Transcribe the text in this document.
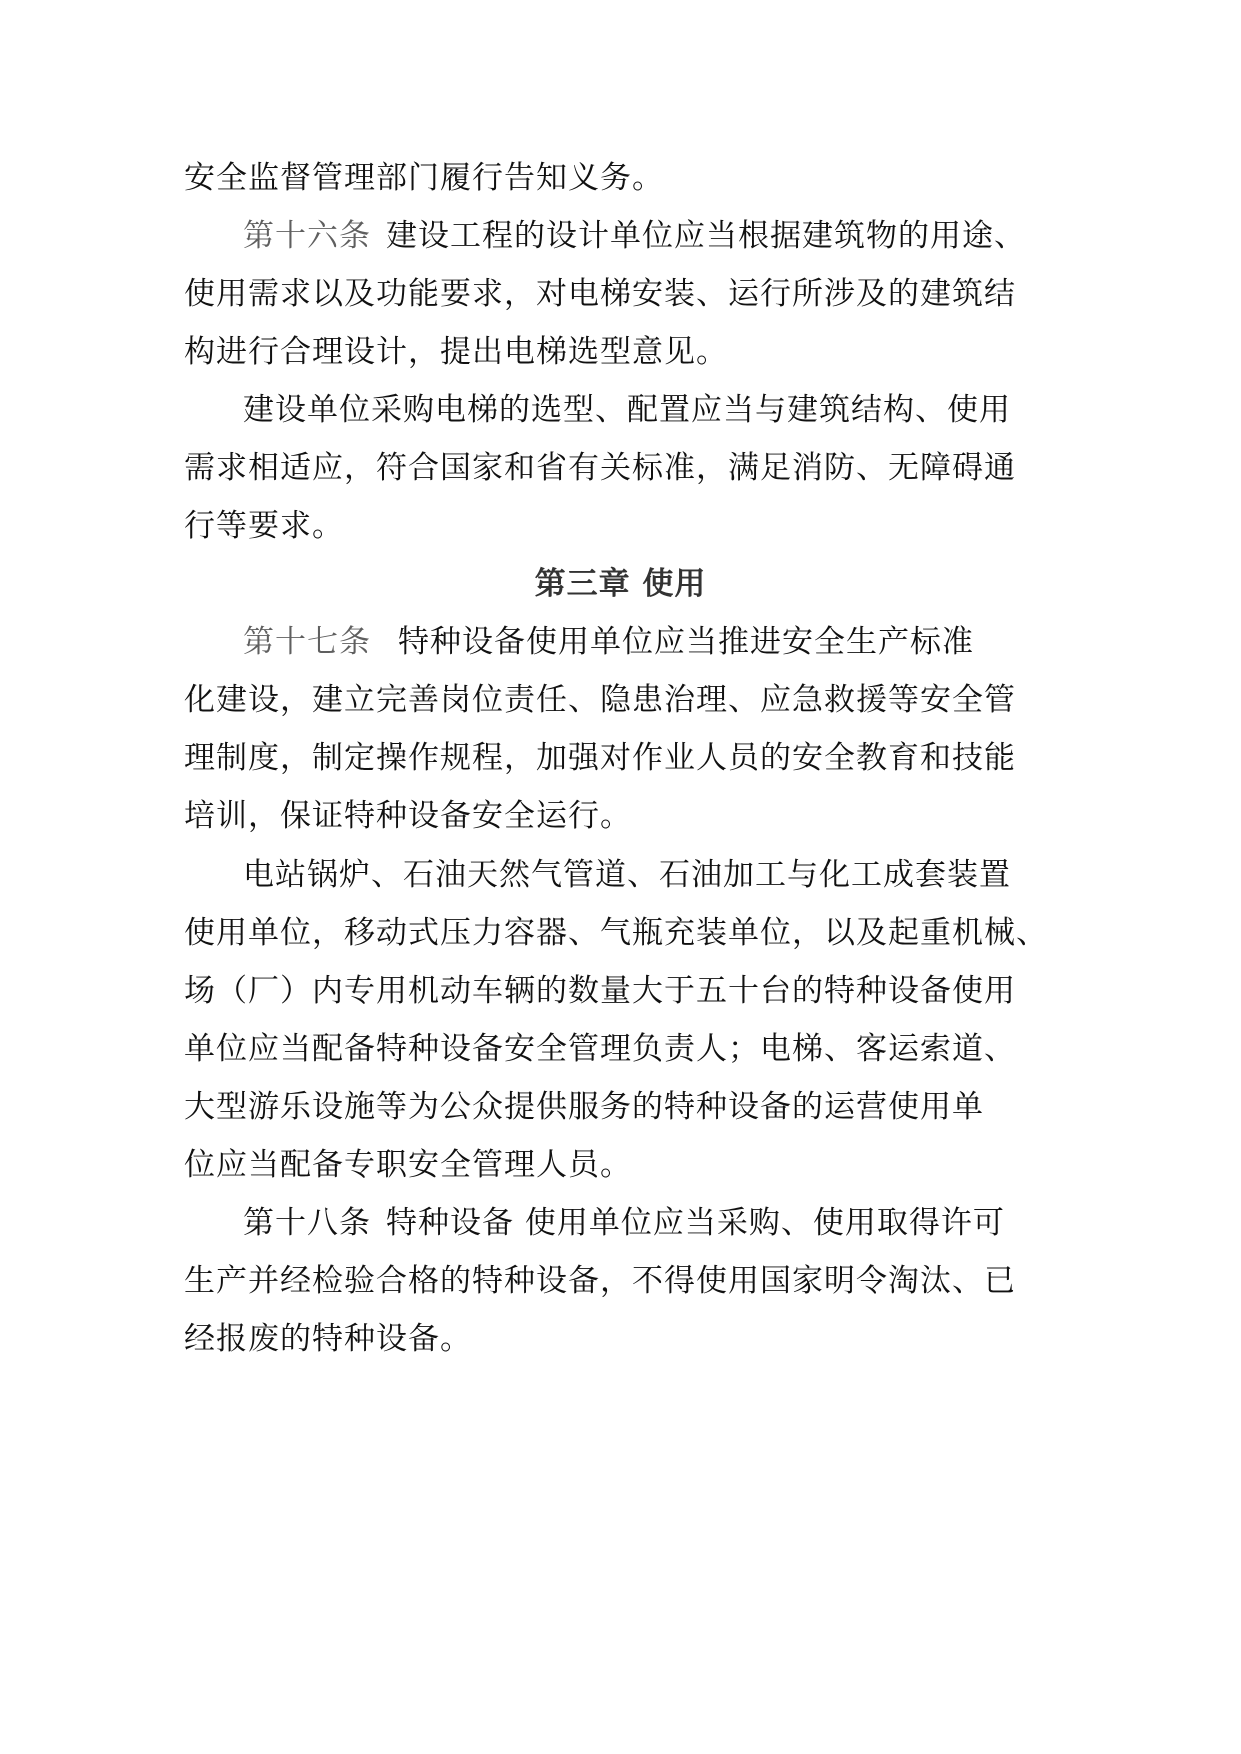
安全监督管理部门履行告知义务。
第十六条 建设工程的设计单位应当根据建筑物的用途、
使用需求以及功能要求，对电梯安装、运行所涉及的建筑结
构进行合理设计，提出电梯选型意见。
建设单位采购电梯的选型、配置应当与建筑结构、使用
需求相适应，符合国家和省有关标准，满足消防、无障碍通
行等要求。
第三章 使用
第十七条 特种设备使用单位应当推进安全生产标准
化建设，建立完善岗位责任、隐患治理、应急救援等安全管
理制度，制定操作规程，加强对作业人员的安全教育和技能
培训，保证特种设备安全运行。
电站锅炉、石油天然气管道、石油加工与化工成套装置
使用单位，移动式压力容器、气瓶充装单位，以及起重机械、
场（厂）内专用机动车辆的数量大于五十台的特种设备使用
单位应当配备特种设备安全管理负责人；电梯、客运索道、
大型游乐设施等为公众提供服务的特种设备的运营使用单
位应当配备专职安全管理人员。
第十八条 特种设备 使用单位应当采购、使用取得许可
生产并经检验合格的特种设备，不得使用国家明令淘汰、已
经报废的特种设备。
